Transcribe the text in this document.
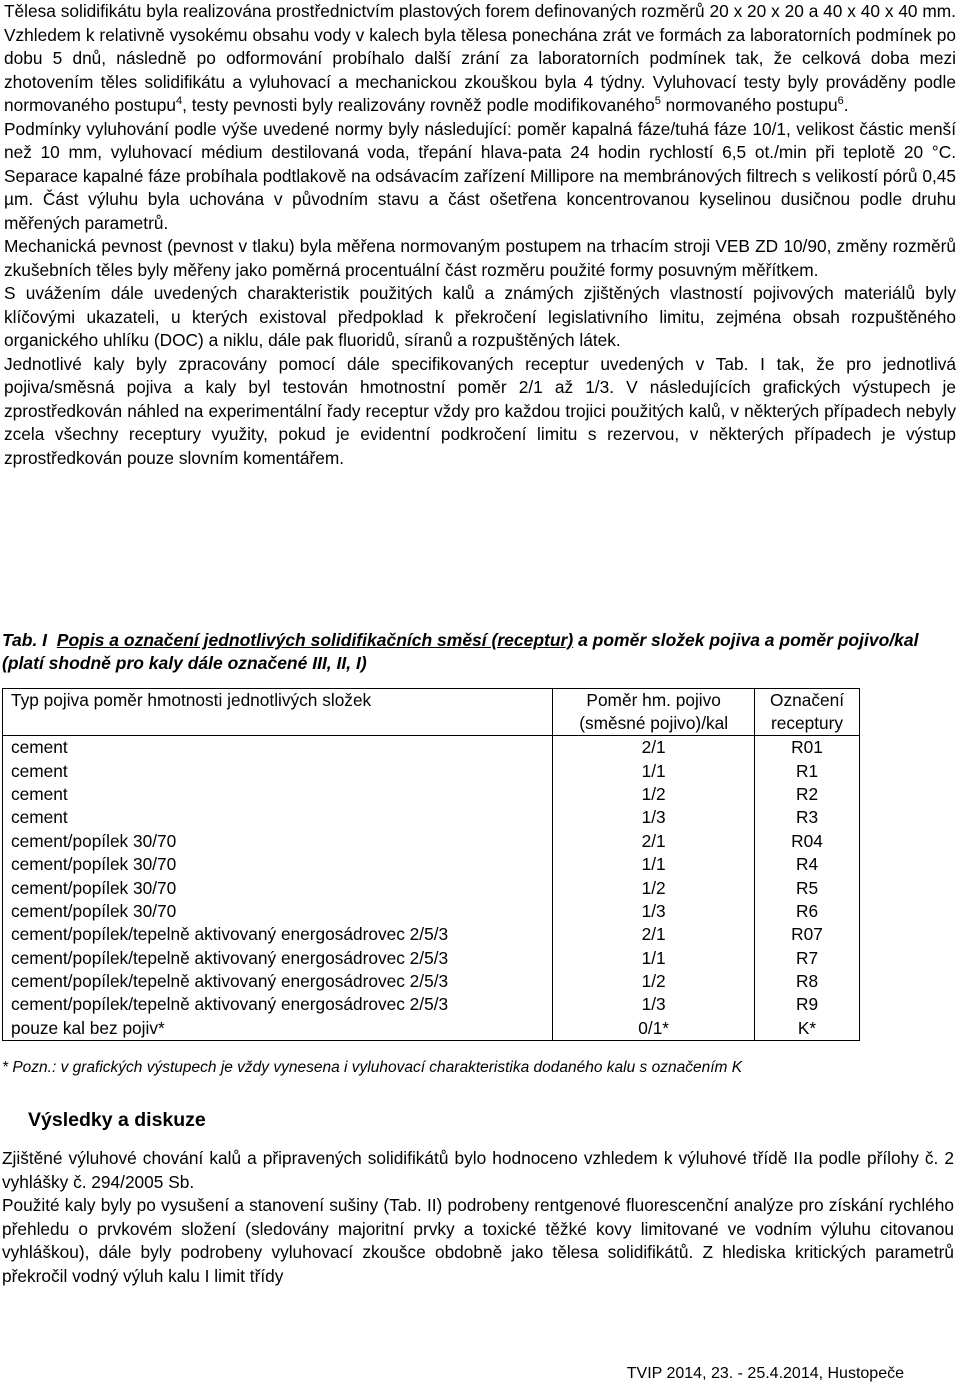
Tělesa solidifikátu byla realizována prostřednictvím plastových forem definovaných rozměrů 20 x 20 x 20 a 40 x 40 x 40 mm. Vzhledem k relativně vysokému obsahu vody v kalech byla tělesa ponechána zrát ve formách za laboratorních podmínek po dobu 5 dnů, následně po odformování probíhalo další zrání za laboratorních podmínek tak, že celková doba mezi zhotovením těles solidifikátu a vyluhovací a mechanickou zkouškou byla 4 týdny. Vyluhovací testy byly prováděny podle normovaného postupu$^4$, testy pevnosti byly realizovány rovněž podle modifikovaného$^5$ normovaného postupu$^6$.

Podmínky vyluhování podle výše uvedené normy byly následující: poměr kapalná fáze/tuhá fáze 10/1, velikost částic menší než 10 mm, vyluhovací médium destilovaná voda, třepání hlava-pata 24 hodin rychlostí 6,5 ot./min při teplotě 20 °C. Separace kapalné fáze probíhala podtlakově na odsávacím zařízení Millipore na membránových filtrech s velikostí pórů 0,45 µm. Část výluhu byla uchována v původním stavu a část ošetřena koncentrovanou kyselinou dusičnou podle druhu měřených parametrů.

Mechanická pevnost (pevnost v tlaku) byla měřena normovaným postupem na trhacím stroji VEB ZD 10/90, změny rozměrů zkušebních těles byly měřeny jako poměrná procentuální část rozměru použité formy posuvným měřítkem.

S uvážením dále uvedených charakteristik použitých kalů a známých zjištěných vlastností pojivových materiálů byly klíčovými ukazateli, u kterých existoval předpoklad k překročení legislativního limitu, zejména obsah rozpuštěného organického uhlíku (DOC) a niklu, dále pak fluoridů, síranů a rozpuštěných látek.

Jednotlivé kaly byly zpracovány pomocí dále specifikovaných receptur uvedených v Tab. I tak, že pro jednotlivá pojiva/směsná pojiva a kaly byl testován hmotnostní poměr 2/1 až 1/3. V následujících grafických výstupech je zprostředkován náhled na experimentální řady receptur vždy pro každou trojici použitých kalů, v některých případech nebyly zcela všechny receptury využity, pokud je evidentní podkročení limitu s rezervou, v některých případech je výstup zprostředkován pouze slovním komentářem.

Tab. I Popis a označení jednotlivých solidifikačních směsí (receptur) a poměr složek pojiva a poměr pojivo/kal (platí shodně pro kaly dále označené III, II, I)
Typ pojiva poměr hmotnosti jednotlivých složek	Poměr hm. pojivo (směsné pojivo)/kal	Označení receptury
cement	2/1	R01
cement	1/1	R1
cement	1/2	R2
cement	1/3	R3
cement/popílek 30/70	2/1	R04
cement/popílek 30/70	1/1	R4
cement/popílek 30/70	1/2	R5
cement/popílek 30/70	1/3	R6
cement/popílek/tepelně aktivovaný energosádrovec 2/5/3	2/1	R07
cement/popílek/tepelně aktivovaný energosádrovec 2/5/3	1/1	R7
cement/popílek/tepelně aktivovaný energosádrovec 2/5/3	1/2	R8
cement/popílek/tepelně aktivovaný energosádrovec 2/5/3	1/3	R9
pouze kal bez pojiv*	0/1*	K*
* Pozn.: v grafických výstupech je vždy vynesena i vyluhovací charakteristika dodaného kalu s označením K
Výsledky a diskuze

Zjištěné výluhové chování kalů a připravených solidifikátů bylo hodnoceno vzhledem k výluhové třídě IIa podle přílohy č. 2 vyhlášky č. 294/2005 Sb.

Použité kaly byly po vysušení a stanovení sušiny (Tab. II) podrobeny rentgenové fluorescenční analýze pro získání rychlého přehledu o prvkovém složení (sledovány majoritní prvky a toxické těžké kovy limitované ve vodním výluhu citovanou vyhláškou), dále byly podrobeny vyluhovací zkoušce obdobně jako tělesa solidifikátů. Z hlediska kritických parametrů překročil vodný výluh kalu I limit třídy

TVIP 2014, 23. - 25.4.2014, Hustopeče
